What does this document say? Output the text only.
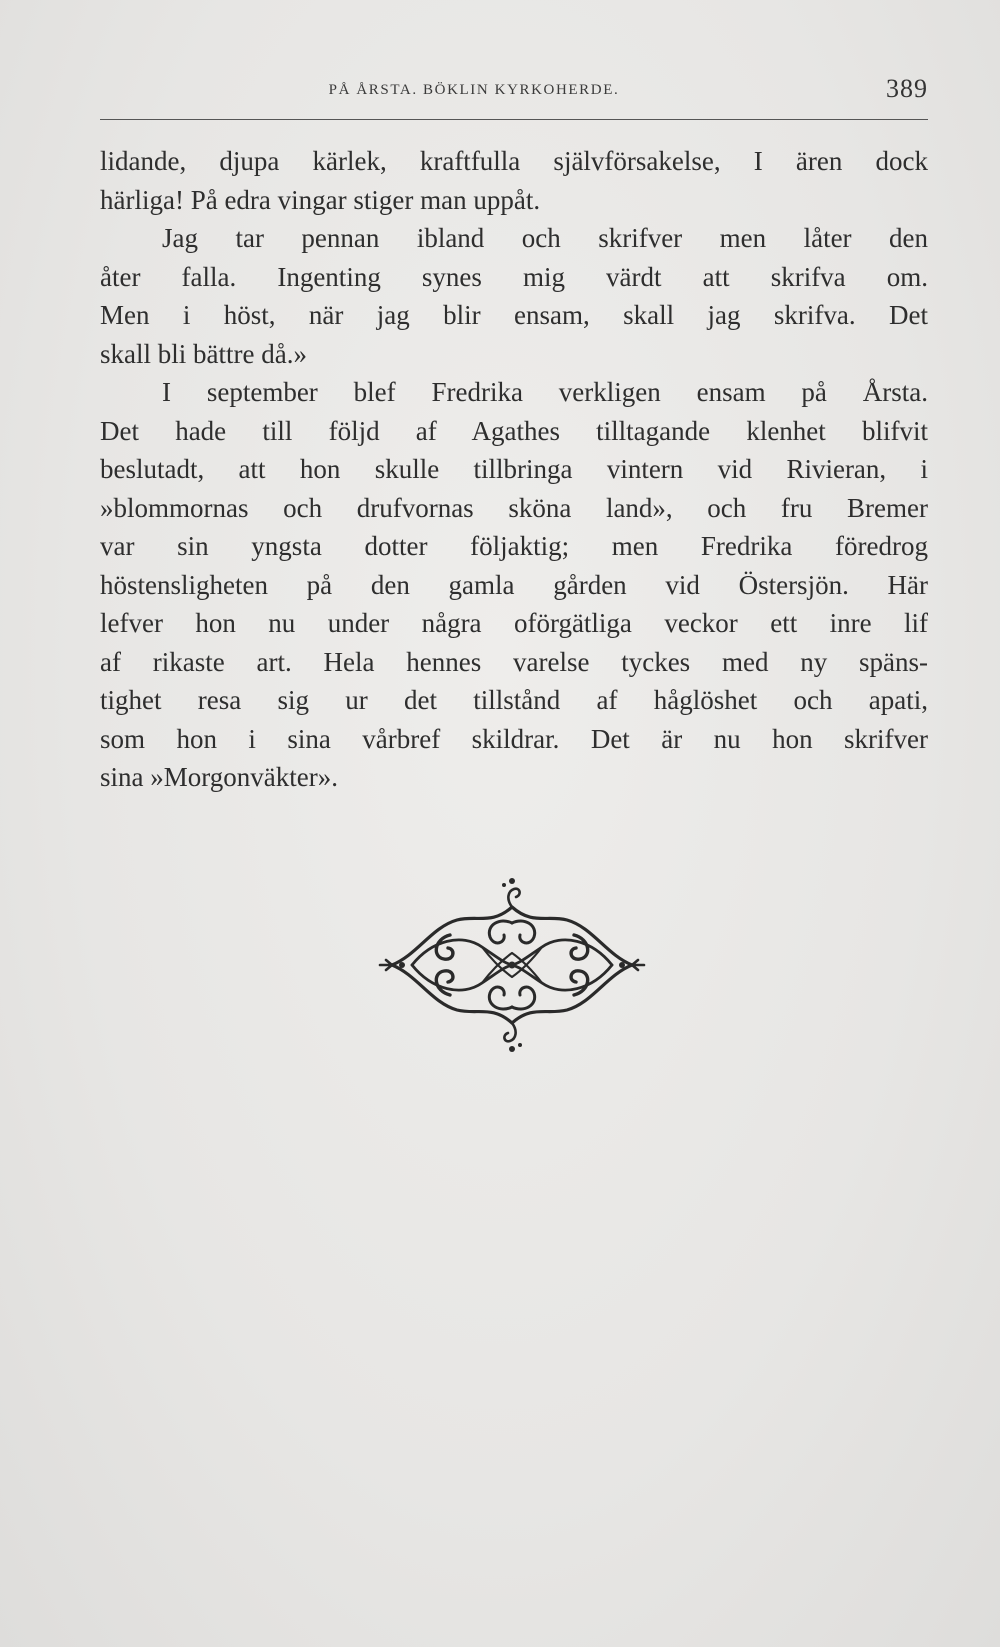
PÅ ÅRSTA. BÖKLIN KYRKOHERDE.	389
lidande, djupa kärlek, kraftfulla självförsakelse, I ären dock
härliga! På edra vingar stiger man uppåt.
Jag tar pennan ibland och skrifver men låter den
åter falla. Ingenting synes mig värdt att skrifva om.
Men i höst, när jag blir ensam, skall jag skrifva. Det
skall bli bättre då.»
I september blef Fredrika verkligen ensam på Årsta.
Det hade till följd af Agathes tilltagande klenhet blifvit
beslutadt, att hon skulle tillbringa vintern vid Rivieran, i
»blommornas och drufvornas sköna land», och fru Bremer
var sin yngsta dotter följaktig; men Fredrika föredrog
höstensligheten på den gamla gården vid Östersjön. Här
lefver hon nu under några oförgätliga veckor ett inre lif
af rikaste art. Hela hennes varelse tyckes med ny späns-
tighet resa sig ur det tillstånd af håglöshet och apati,
som hon i sina vårbref skildrar. Det är nu hon skrifver
sina »Morgonväkter».
